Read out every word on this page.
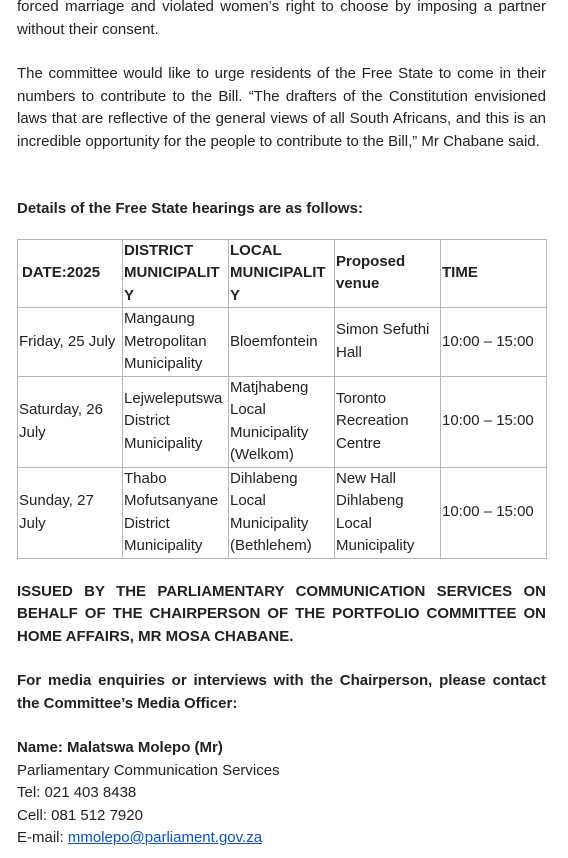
forced marriage and violated women’s right to choose by imposing a partner without their consent.

The committee would like to urge residents of the Free State to come in their numbers to contribute to the Bill. “The drafters of the Constitution envisioned laws that are reflective of the general views of all South Africans, and this is an incredible opportunity for the people to contribute to the Bill,” Mr Chabane said.

Details of the Free State hearings are as follows:

DATE:2025	DISTRICT MUNICIPALITY	LOCAL MUNICIPALITY	Proposed venue	TIME
Friday, 25 July	Mangaung Metropolitan Municipality	Bloemfontein	Simon Sefuthi Hall	10:00 – 15:00
Saturday, 26 July	Lejweleputswa District Municipality	Matjhabeng Local Municipality (Welkom)	Toronto Recreation Centre	10:00 – 15:00
Sunday, 27 July	Thabo Mofutsanyane District Municipality	Dihlabeng Local Municipality (Bethlehem)	New Hall Dihlabeng Local Municipality	10:00 – 15:00

ISSUED BY THE PARLIAMENTARY COMMUNICATION SERVICES ON BEHALF OF THE CHAIRPERSON OF THE PORTFOLIO COMMITTEE ON HOME AFFAIRS, MR MOSA CHABANE.

For media enquiries or interviews with the Chairperson, please contact the Committee’s Media Officer:

Name: Malatswa Molepo (Mr)
Parliamentary Communication Services
Tel: 021 403 8438
Cell: 081 512 7920
E-mail: mmolepo@parliament.gov.za
